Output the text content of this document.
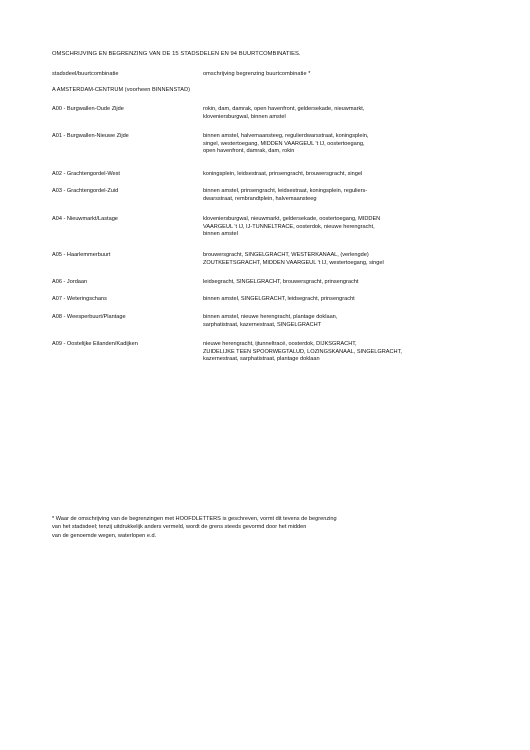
OMSCHRIJVING EN BEGRENZING VAN DE 15 STADSDELEN EN 94 BUURTCOMBINATIES.
stadsdeel/buurtcombinatie	omschrijving begrenzing buurtcombinatie *
A AMSTERDAM-CENTRUM (voorheen BINNENSTAD)
A00 - Burgwallen-Oude Zijde	rokin, dam, damrak, open havenfront, geldersekade, nieuwmarkt,
kloveniersburgwal, binnen amstel
A01 - Burgwallen-Nieuwe Zijde	binnen amstel, halvemaansteeg, regulierdwarsstraat, koningsplein,
singel, westertoegang, MIDDEN VAARGEUL 't IJ, oostertoegang,
open havenfront, damrak, dam, rokin
A02 - Grachtengordel-West	koningsplein, leidsestraat, prinsengracht, brouwersgracht, singel
A03 - Grachtengordel-Zuid	binnen amstel, prinsengracht, leidsestraat, koningsplein, reguliers-
dwarsstraat, rembrandtplein, halvemaansteeg
A04 - Nieuwmarkt/Lastage	kloveniersburgwal, nieuwmarkt, geldersekade, oostertoegang, MIDDEN
VAARGEUL 't IJ, IJ-TUNNELTRACE, oosterdok, nieuwe herengracht,
binnen amstel
A05 - Haarlemmerbuurt	brouwersgracht, SINGELGRACHT, WESTERKANAAL, (verlengde)
ZOUTKEETSGRACHT, MIDDEN VAARGEUL 't IJ, westertoegang, singel
A06 - Jordaan	leidsegracht, SINGELGRACHT, brouwersgracht, prinsengracht
A07 - Weteringschans	binnen amstel, SINGELGRACHT, leidsegracht, prinsengracht
A08 - Weesperbuurt/Plantage	binnen amstel, nieuwe herengracht, plantage doklaan,
sarphatistraat, kazernestraat, SINGELGRACHT
A09 - Oostelijke Eilanden/Kadijken	nieuwe herengracht, ijtunneltracé, oosterdok, DIJKSGRACHT,
ZUIDELIJKE TEEN SPOORWEGTALUD, LOZINGSKANAAL, SINGELGRACHT,
kazernestraat, sarphatistraat, plantage doklaan
* Waar de omschrijving van de begrenzingen met HOOFDLETTERS is geschreven, vormt dit tevens de begrenzing
van het stadsdeel; tenzij uitdrukkelijk anders vermeld, wordt de grens steeds gevormd door het midden
van de genoemde wegen, waterlopen e.d.
